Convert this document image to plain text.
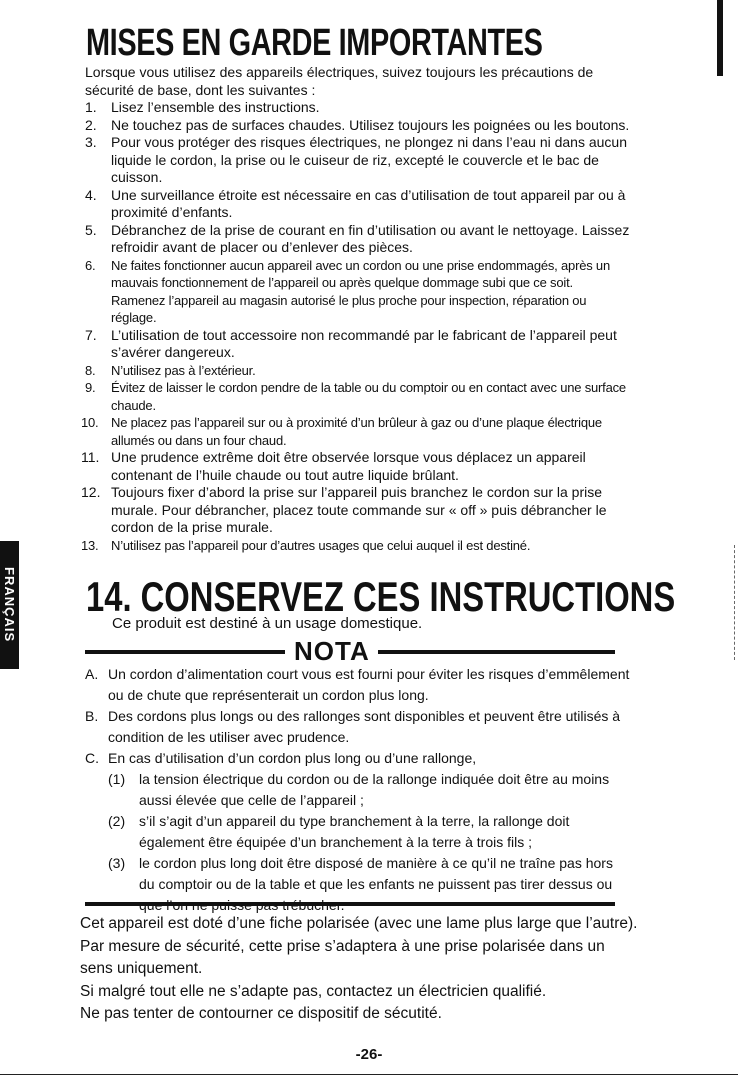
FRANÇAIS
MISES EN GARDE IMPORTANTES
Lorsque vous utilisez des appareils électriques, suivez toujours les précautions de sécurité de base, dont les suivantes :
1.	Lisez l’ensemble des instructions.
2.	Ne touchez pas de surfaces chaudes. Utilisez toujours les poignées ou les boutons.
3.	Pour vous protéger des risques électriques, ne plongez ni dans l’eau ni dans aucun liquide le cordon, la prise ou le cuiseur de riz, excepté le couvercle et le bac de cuisson.
4.	Une surveillance étroite est nécessaire en cas d’utilisation de tout appareil par ou à proximité d’enfants.
5.	Débranchez de la prise de courant en fin d’utilisation ou avant le nettoyage. Laissez refroidir avant de placer ou d’enlever des pièces.
6.	Ne faites fonctionner aucun appareil avec un cordon ou une prise endommagés, après un mauvais fonctionnement de l’appareil ou après quelque dommage subi que ce soit.
Ramenez l’appareil au magasin autorisé le plus proche pour inspection, réparation ou réglage.
7.	L’utilisation de tout accessoire non recommandé par le fabricant de l’appareil peut s’avérer dangereux.
8.	N’utilisez pas à l’extérieur.
9.	Évitez de laisser le cordon pendre de la table ou du comptoir ou en contact avec une surface chaude.
10. Ne placez pas l’appareil sur ou à proximité d’un brûleur à gaz ou d’une plaque électrique allumés ou dans un four chaud.
11. Une prudence extrême doit être observée lorsque vous déplacez un appareil contenant de l’huile chaude ou tout autre liquide brûlant.
12. Toujours fixer d’abord la prise sur l’appareil puis branchez le cordon sur la prise murale. Pour débrancher, placez toute commande sur « off » puis débrancher le cordon de la prise murale.
13. N’utilisez pas l’appareil pour d’autres usages que celui auquel il est destiné.
14. CONSERVEZ CES INSTRUCTIONS
Ce produit est destiné à un usage domestique.
NOTA
A. Un cordon d’alimentation court vous est fourni pour éviter les risques d’emmêlement ou de chute que représenterait un cordon plus long.
B. Des cordons plus longs ou des rallonges sont disponibles et peuvent être utilisés à condition de les utiliser avec prudence.
C. En cas d’utilisation d’un cordon plus long ou d’une rallonge,
(1) la tension électrique du cordon ou de la rallonge indiquée doit être au moins aussi élevée que celle de l’appareil ;
(2) s’il s’agit d’un appareil du type branchement à la terre, la rallonge doit également être équipée d’un branchement à la terre à trois fils ;
(3) le cordon plus long doit être disposé de manière à ce qu’il ne traîne pas hors du comptoir ou de la table et que les enfants ne puissent pas tirer dessus ou
Cet appareil est doté d’une fiche polarisée (avec une lame plus large que l’autre).
Par mesure de sécurité, cette prise s’adaptera à une prise polarisée dans un sens uniquement.
Si malgré tout elle ne s’adapte pas, contactez un électricien qualifié.
Ne pas tenter de contourner ce dispositif de sécutité.
-26-
